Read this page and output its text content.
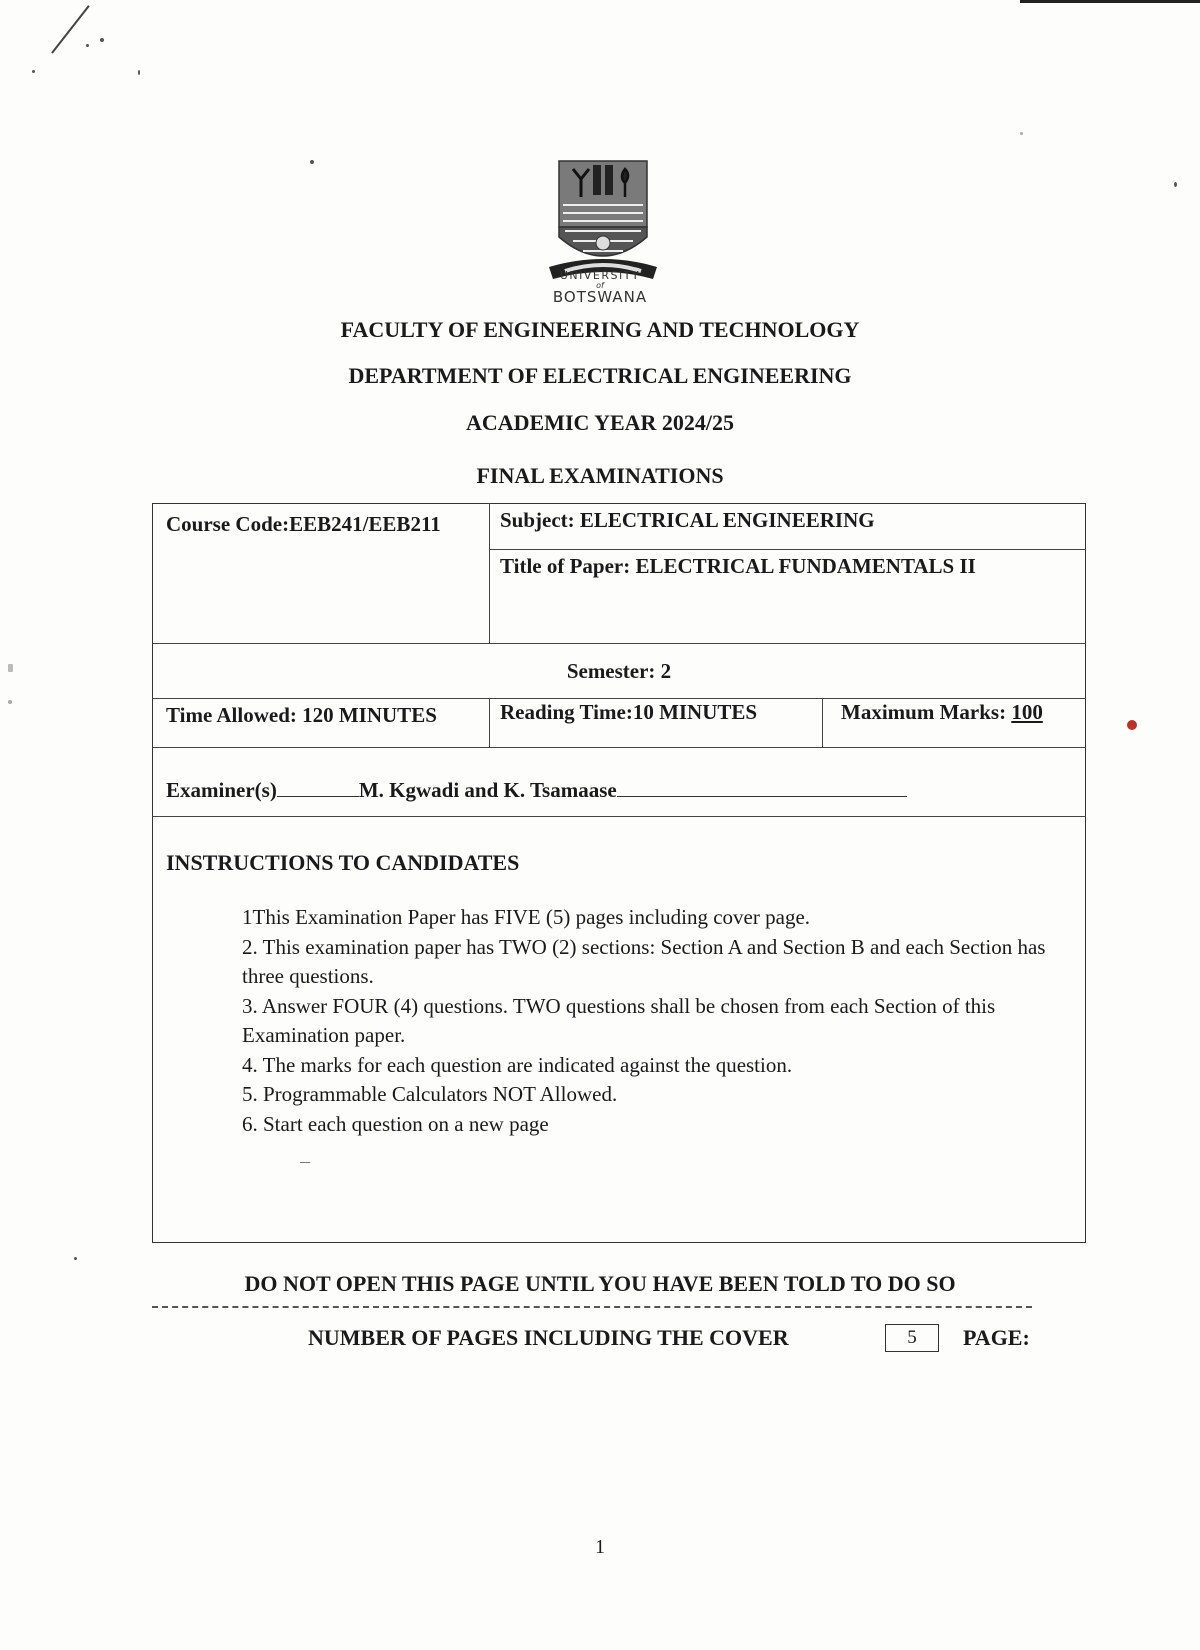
UNIVERSITY
of
BOTSWANA
FACULTY OF ENGINEERING AND TECHNOLOGY
DEPARTMENT OF ELECTRICAL ENGINEERING
ACADEMIC YEAR 2024/25
FINAL EXAMINATIONS
Course Code:EEB241/EEB211	Subject: ELECTRICAL ENGINEERING
Title of Paper: ELECTRICAL FUNDAMENTALS II
Semester: 2
Time Allowed: 120 MINUTES	Reading Time:10 MINUTES	Maximum Marks: 100
Examiner(s)	M. Kgwadi and K. Tsamaase
INSTRUCTIONS TO CANDIDATES
1This Examination Paper has FIVE (5) pages including cover page.
2. This examination paper has TWO (2) sections: Section A and Section B and each Section has three questions.
3. Answer FOUR (4) questions. TWO questions shall be chosen from each Section of this Examination paper.
4. The marks for each question are indicated against the question.
5. Programmable Calculators NOT Allowed.
6. Start each question on a new page
–
DO NOT OPEN THIS PAGE UNTIL YOU HAVE BEEN TOLD TO DO SO
NUMBER OF PAGES INCLUDING THE COVER	5	PAGE:
1
